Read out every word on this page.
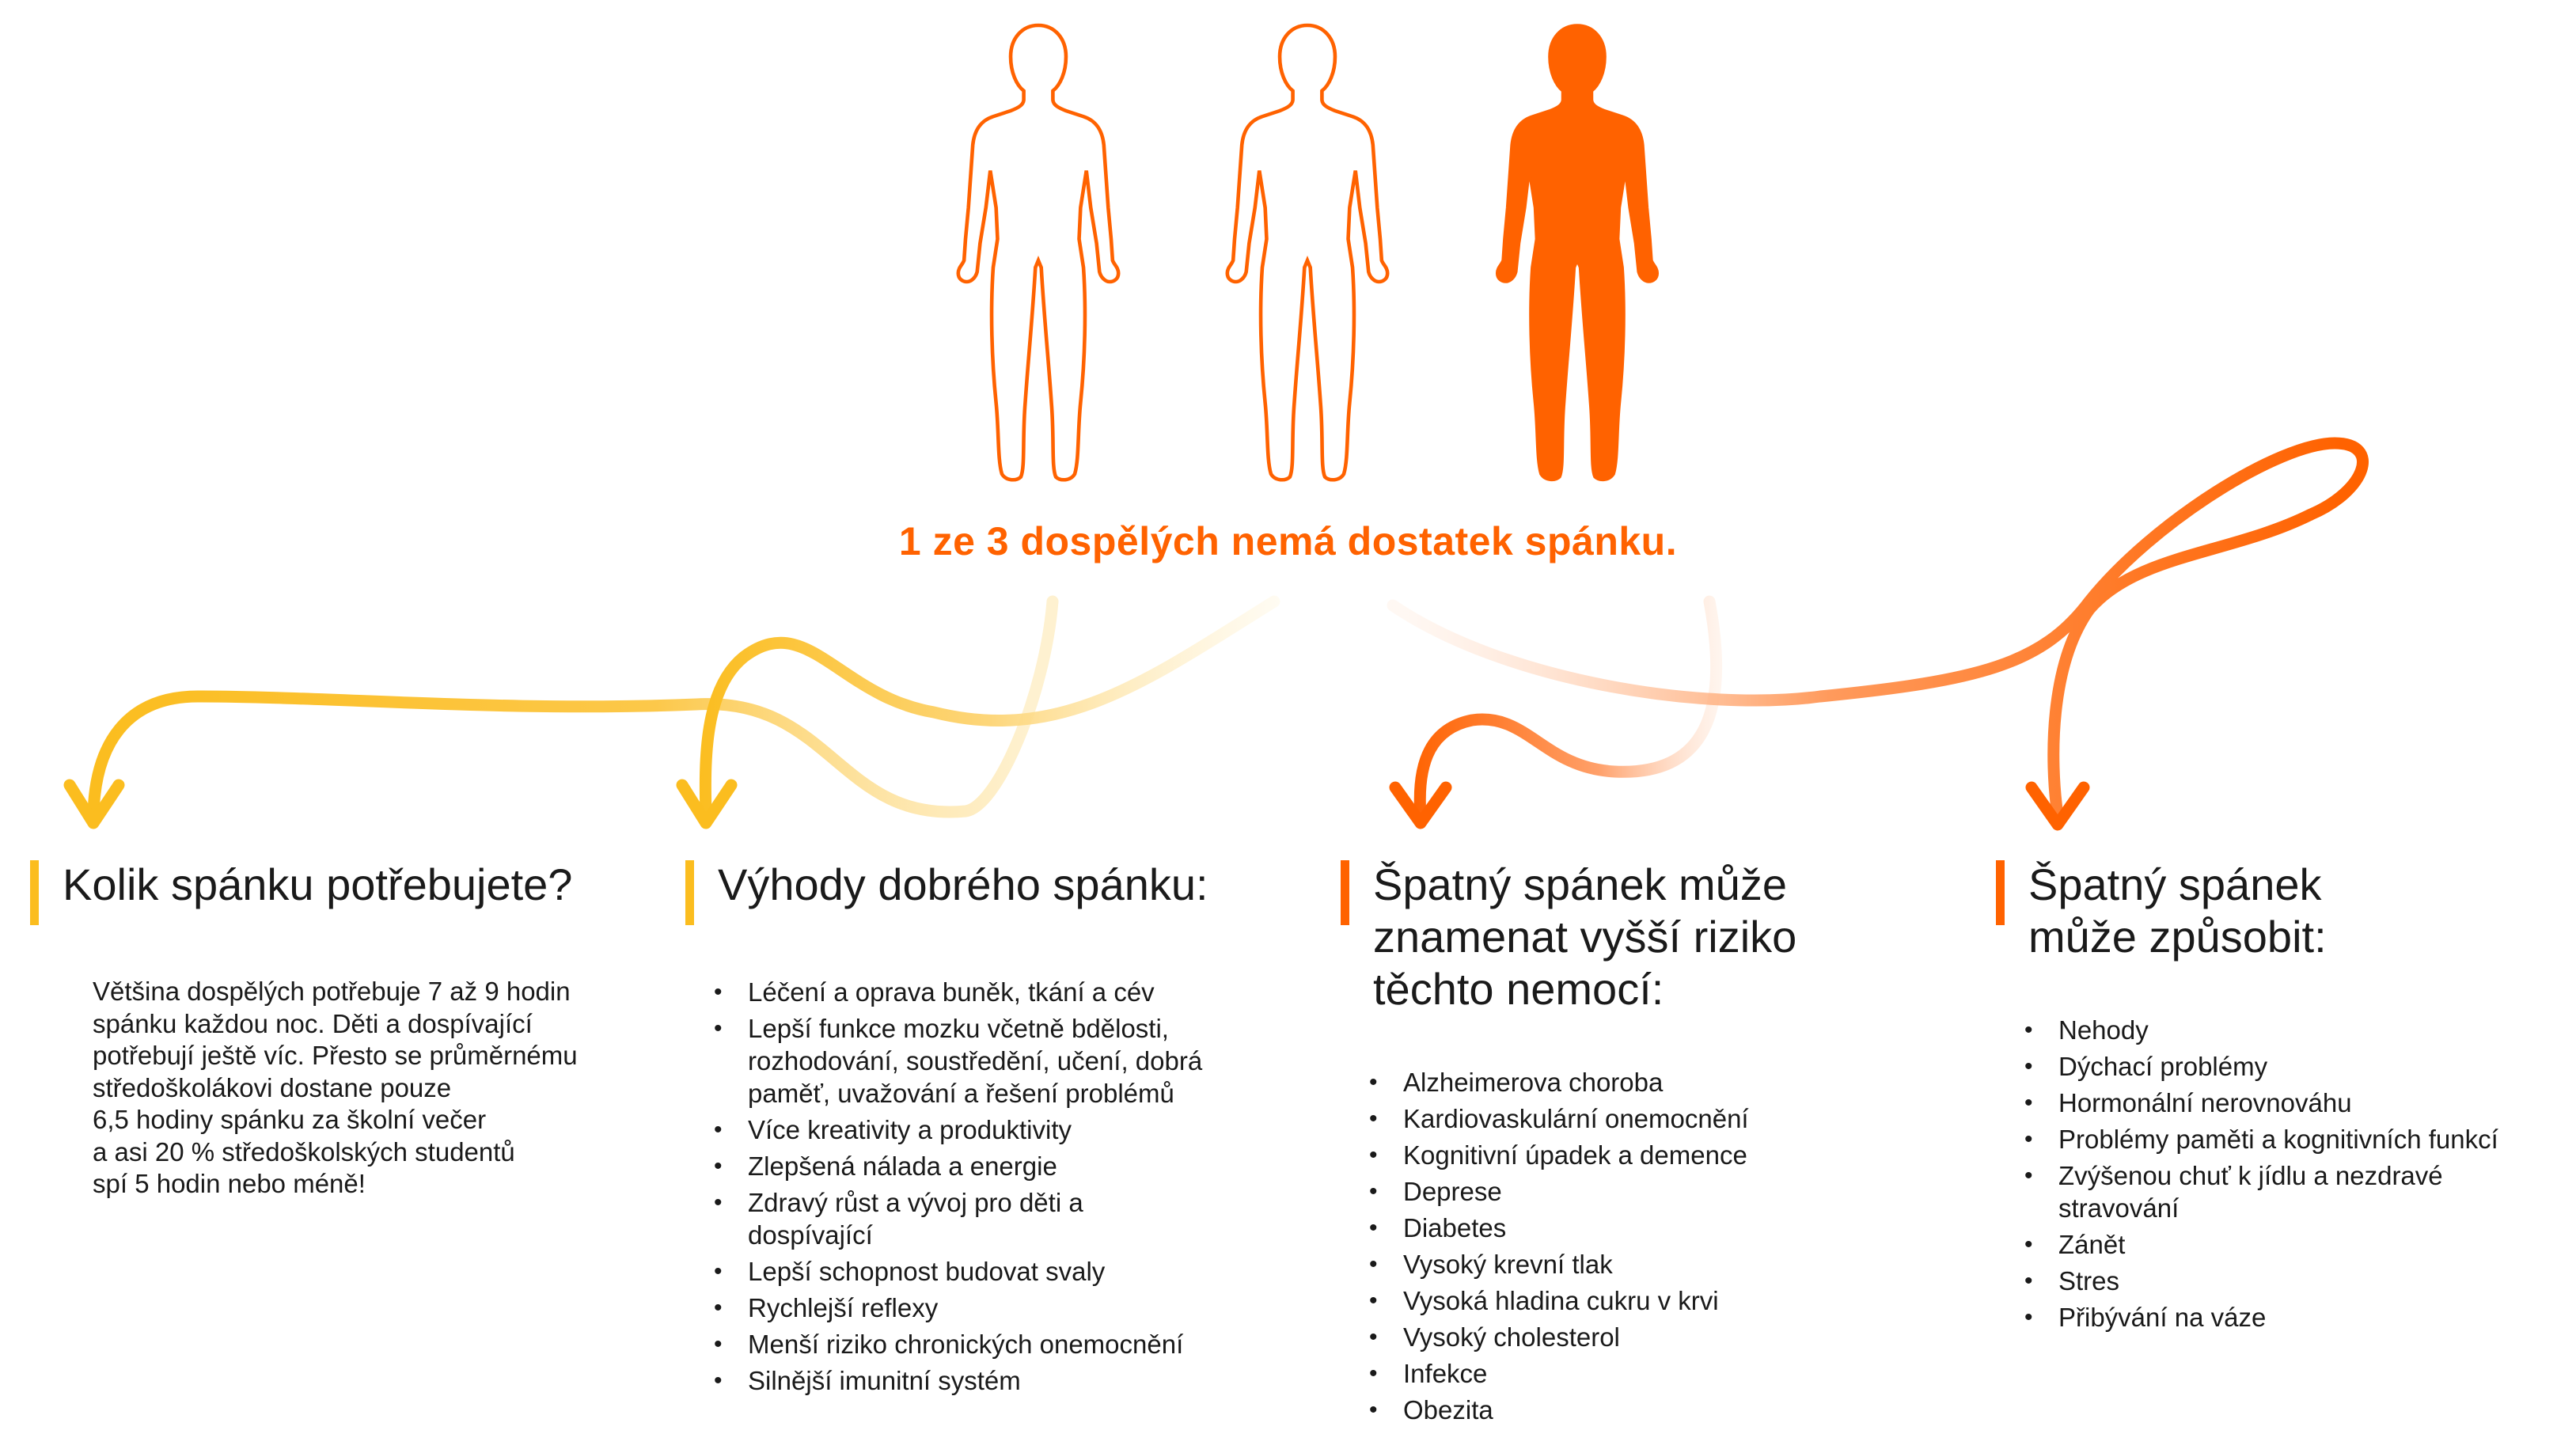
1 ze 3 dospělých nemá dostatek spánku.
Kolik spánku potřebujete?

Většina dospělých potřebuje 7 až 9 hodin
spánku každou noc. Děti a dospívající
potřebují ještě víc. Přesto se průměrnému
středoškolákovi dostane pouze
6,5 hodiny spánku za školní večer
a asi 20 % středoškolských studentů
spí 5 hodin nebo méně!

Výhody dobrého spánku:
• Léčení a oprava buněk, tkání a cév
• Lepší funkce mozku včetně bdělosti, rozhodování, soustředění, učení, dobrá paměť, uvažování a řešení problémů
• Více kreativity a produktivity
• Zlepšená nálada a energie
• Zdravý růst a vývoj pro děti a dospívající
• Lepší schopnost budovat svaly
• Rychlejší reflexy
• Menší riziko chronických onemocnění
• Silnější imunitní systém
Špatný spánek může znamenat vyšší riziko těchto nemocí:
• Alzheimerova choroba
• Kardiovaskulární onemocnění
• Kognitivní úpadek a demence
• Deprese
• Diabetes
• Vysoký krevní tlak
• Vysoká hladina cukru v krvi
• Vysoký cholesterol
• Infekce
• Obezita
Špatný spánek může způsobit:
• Nehody
• Dýchací problémy
• Hormonální nerovnováhu
• Problémy paměti a kognitivních funkcí
• Zvýšenou chuť k jídlu a nezdravé stravování
• Zánět
• Stres
• Přibývání na váze
